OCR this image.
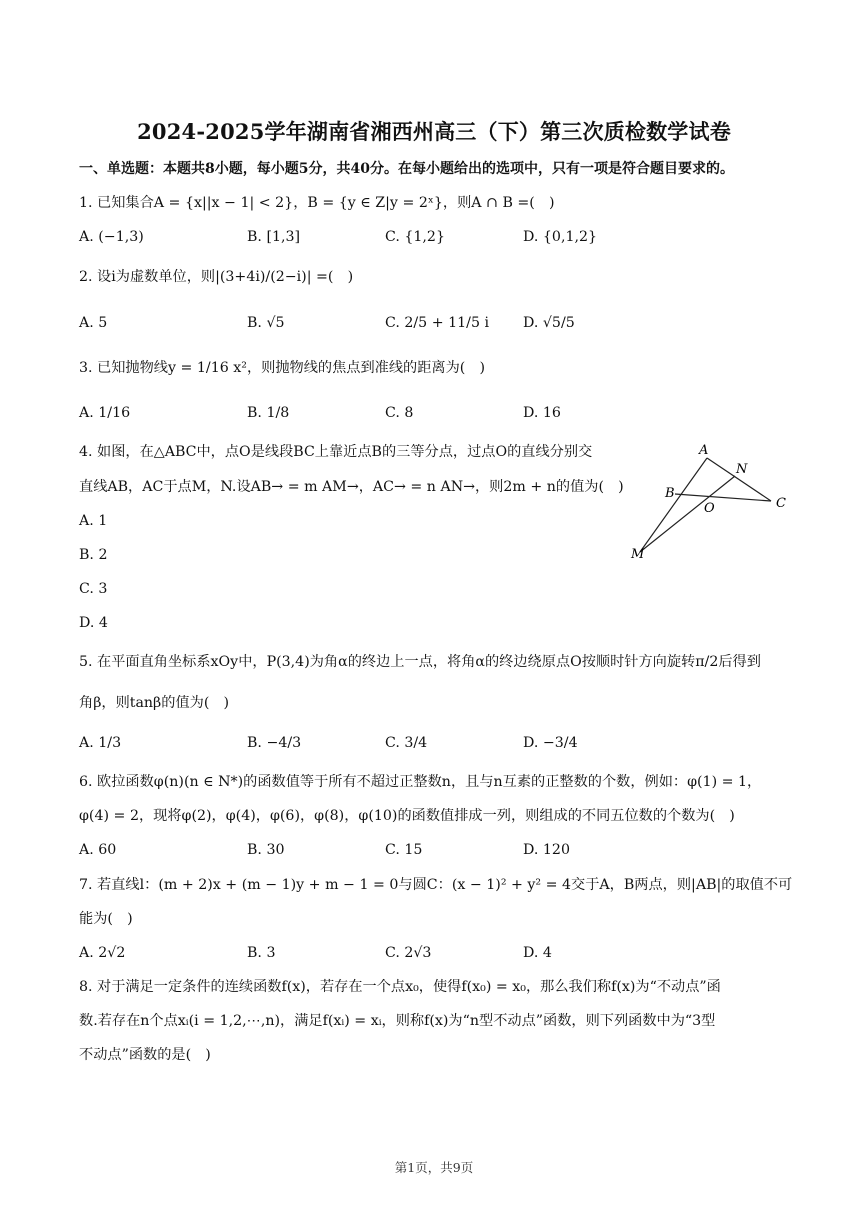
2024-2025学年湖南省湘西州高三（下）第三次质检数学试卷
一、单选题：本题共8小题，每小题5分，共40分。在每小题给出的选项中，只有一项是符合题目要求的。
1. 已知集合A = {x||x − 1| < 2}，B = {y ∈ Z|y = 2ˣ}，则A ∩ B =(　)
A. (−1,3)	B. [1,3]	C. {1,2}	D. {0,1,2}
2. 设i为虚数单位，则|(3+4i)/(2−i)| =(　)
A. 5	B. √5	C. 2/5 + 11/5 i D. √5/5
3. 已知抛物线y = 1/16 x²，则抛物线的焦点到准线的距离为(　)
A. 1/16	B. 1/8	C. 8	D. 16
4. 如图，在△ABC中，点O是线段BC上靠近点B的三等分点，过点O的直线分别交
直线AB，AC于点M，N.设AB→ = m AM→，AC→ = n AN→，则2m + n的值为(　)
A. 1
B. 2
C. 3
D. 4
A
N
B
O	C
M
5. 在平面直角坐标系xOy中，P(3,4)为角α的终边上一点，将角α的终边绕原点O按顺时针方向旋转π/2后得到
角β，则tanβ的值为(　)
A. 1/3	B. −4/3	C. 3/4	D. −3/4
6. 欧拉函数φ(n)(n ∈ N*)的函数值等于所有不超过正整数n，且与n互素的正整数的个数，例如：φ(1) = 1，
φ(4) = 2，现将φ(2)，φ(4)，φ(6)，φ(8)，φ(10)的函数值排成一列，则组成的不同五位数的个数为(　)
A. 60	B. 30	C. 15	D. 120
7. 若直线l：(m + 2)x + (m − 1)y + m − 1 = 0与圆C：(x − 1)² + y² = 4交于A，B两点，则|AB|的取值不可
能为(　)
A. 2√2	B. 3	C. 2√3	D. 4
8. 对于满足一定条件的连续函数f(x)，若存在一个点x₀，使得f(x₀) = x₀，那么我们称f(x)为“不动点”函
数.若存在n个点xᵢ(i = 1,2,⋯,n)，满足f(xᵢ) = xᵢ，则称f(x)为“n型不动点”函数，则下列函数中为“3型
不动点”函数的是(　)
第1页，共9页
